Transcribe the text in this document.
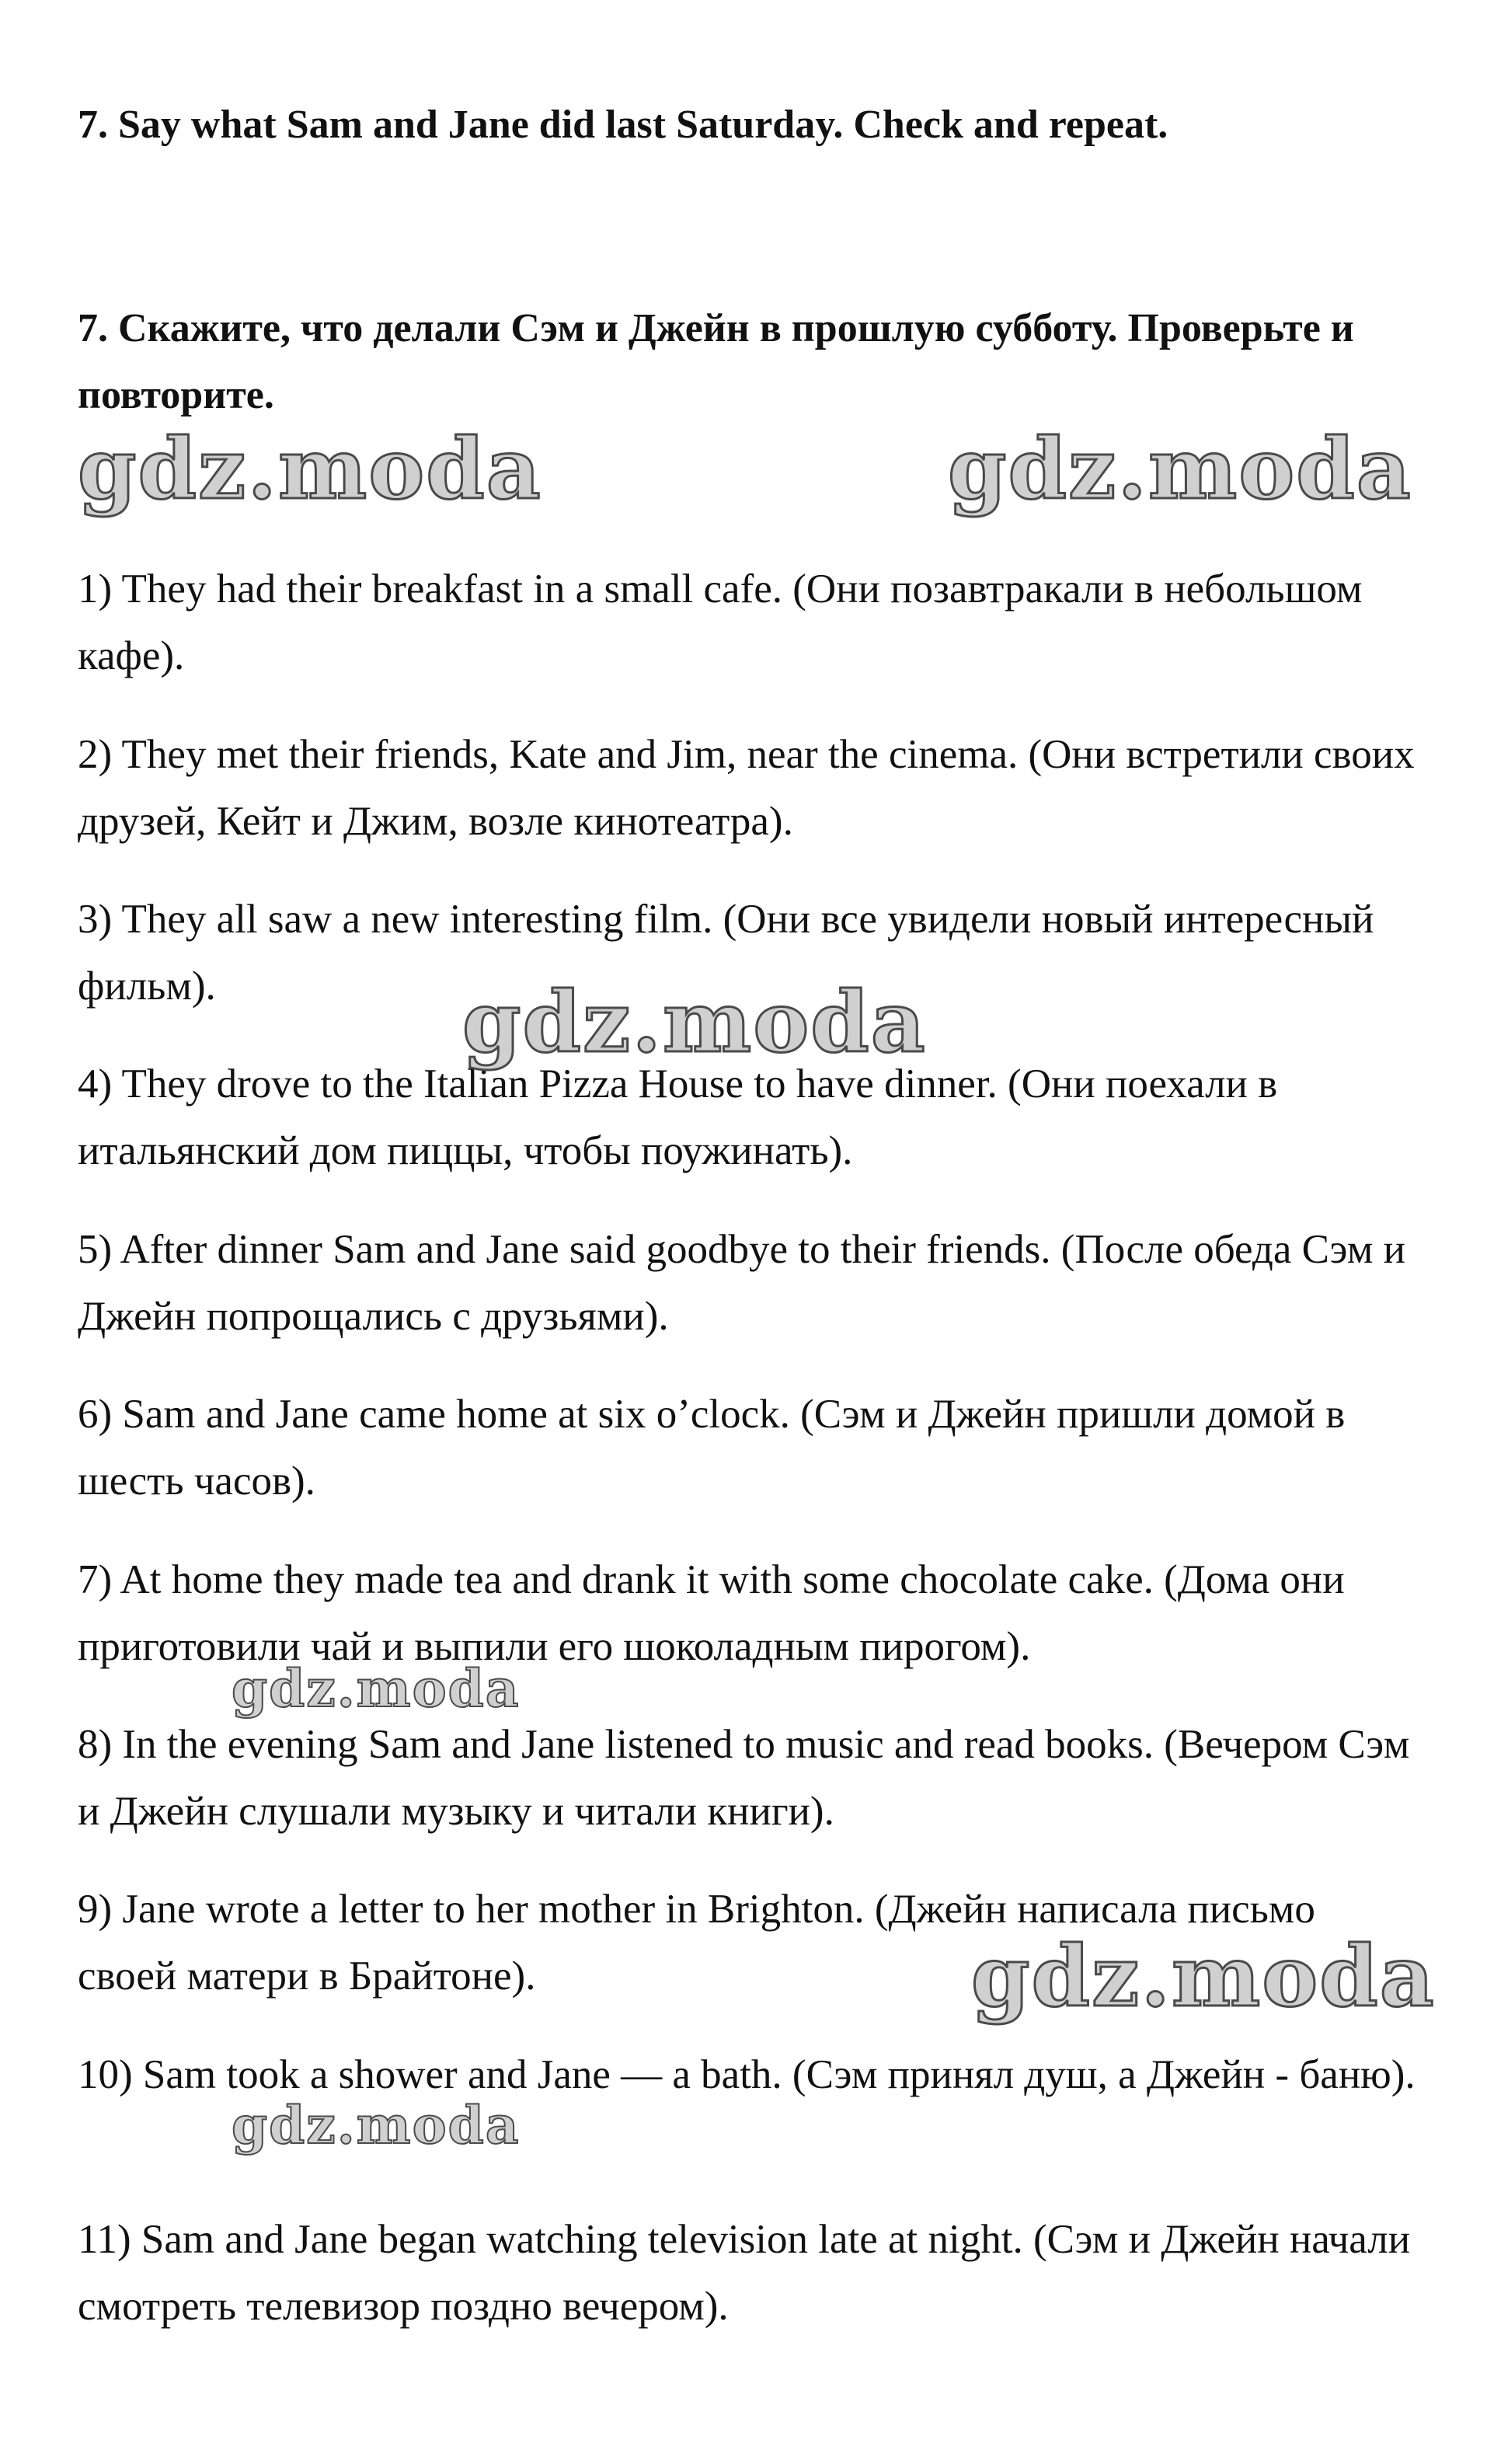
7. Say what Sam and Jane did last Saturday. Check and repeat.

7. Скажите, что делали Сэм и Джейн в прошлую субботу. Проверьте и повторите.

1) They had their breakfast in a small cafe. (Они позавтракали в небольшом кафе).

2) They met their friends, Kate and Jim, near the cinema. (Они встретили своих друзей, Кейт и Джим, возле кинотеатра).

3) They all saw a new interesting film. (Они все увидели новый интересный фильм).

4) They drove to the Italian Pizza House to have dinner. (Они поехали в итальянский дом пиццы, чтобы поужинать).

5) After dinner Sam and Jane said goodbye to their friends. (После обеда Сэм и Джейн попрощались с друзьями).

6) Sam and Jane came home at six o’clock. (Сэм и Джейн пришли домой в шесть часов).

7) At home they made tea and drank it with some chocolate cake. (Дома они приготовили чай и выпили его шоколадным пирогом).

8) In the evening Sam and Jane listened to music and read books. (Вечером Сэм и Джейн слушали музыку и читали книги).

9) Jane wrote a letter to her mother in Brighton. (Джейн написала письмо своей матери в Брайтоне).

10) Sam took a shower and Jane — a bath. (Сэм принял душ, а Джейн - баню).

11) Sam and Jane began watching television late at night. (Сэм и Джейн начали смотреть телевизор поздно вечером).

gdz.moda	gdz.moda
gdz.moda
gdz.moda
gdz.moda
gdz.moda
